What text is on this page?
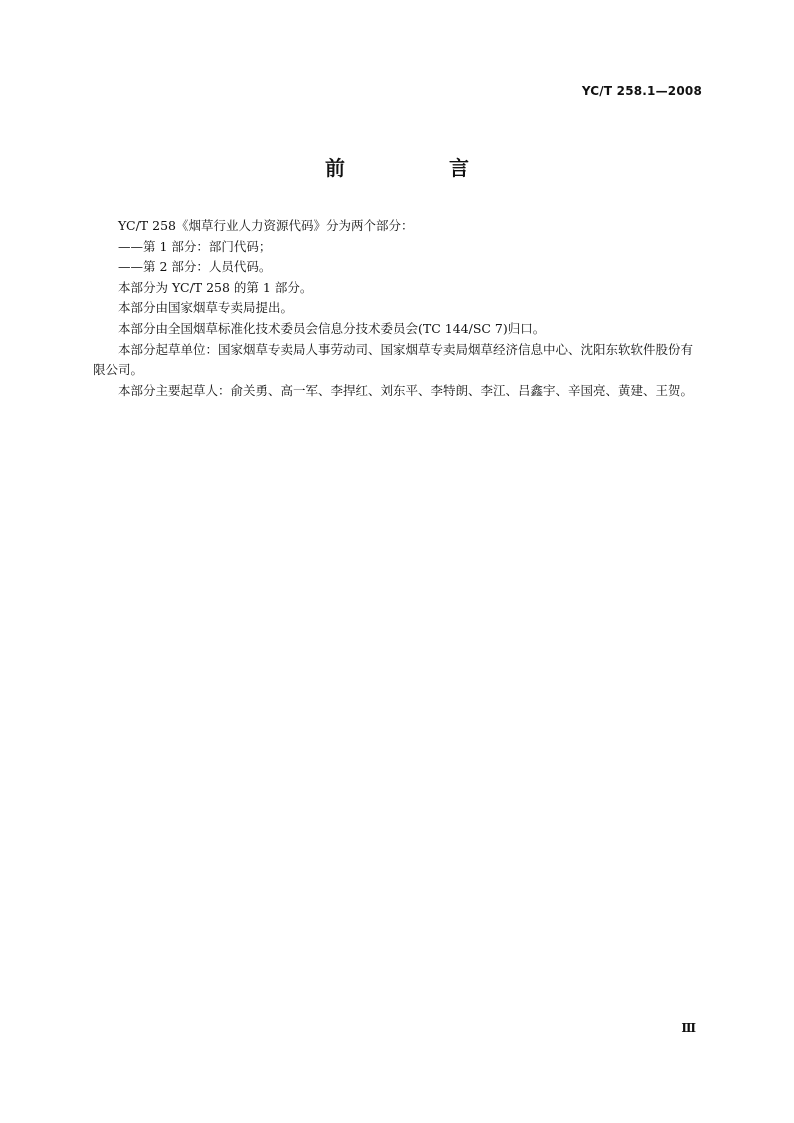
YC/T 258.1—2008
前　言

YC/T 258《烟草行业人力资源代码》分为两个部分：

——第 1 部分：部门代码；

——第 2 部分：人员代码。

本部分为 YC/T 258 的第 1 部分。

本部分由国家烟草专卖局提出。

本部分由全国烟草标准化技术委员会信息分技术委员会(TC 144/SC 7)归口。

本部分起草单位：国家烟草专卖局人事劳动司、国家烟草专卖局烟草经济信息中心、沈阳东软软件股份有限公司。

本部分主要起草人：俞关勇、高一军、李捍红、刘东平、李特朗、李江、吕鑫宇、辛国亮、黄建、王贺。

Ⅲ
